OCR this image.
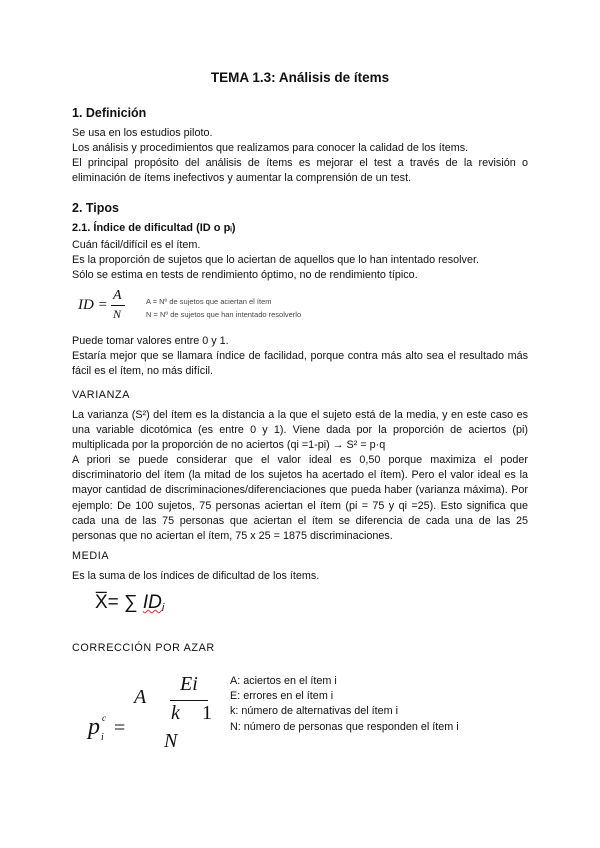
TEMA 1.3: Análisis de ítems
1. Definición

Se usa en los estudios piloto.

Los análisis y procedimientos que realizamos para conocer la calidad de los ítems.

El principal propósito del análisis de ítems es mejorar el test a través de la revisión o eliminación de ítems inefectivos y aumentar la comprensión de un test.

2. Tipos
2.1. Índice de dificultad (ID o pᵢ)

Cuán fácil/difícil es el ítem.

Es la proporción de sujetos que lo aciertan de aquellos que lo han intentado resolver.

Sólo se estima en tests de rendimiento óptimo, no de rendimiento típico.

ID =
A
N
A = Nº de sujetos que aciertan el ítem
N = Nº de sujetos que han intentado resolverlo

Puede tomar valores entre 0 y 1.

Estaría mejor que se llamara índice de facilidad, porque contra más alto sea el resultado más fácil es el ítem, no más difícil.

VARIANZA

La varianza (S²) del ítem es la distancia a la que el sujeto está de la media, y en este caso es una variable dicotómica (es entre 0 y 1). Viene dada por la proporción de aciertos (pi) multiplicada por la proporción de no aciertos (qi =1-pi) → S² = p·q

A priori se puede considerar que el valor ideal es 0,50 porque maximiza el poder discriminatorio del ítem (la mitad de los sujetos ha acertado el ítem). Pero el valor ideal es la mayor cantidad de discriminaciones/diferenciaciones que pueda haber (varianza máxima). Por ejemplo: De 100 sujetos, 75 personas aciertan el ítem (pi = 75 y qi =25). Esto significa que cada una de las 75 personas que aciertan el ítem se diferencia de cada una de las 25 personas que no aciertan el ítem, 75 x 25 = 1875 discriminaciones.

MEDIA

Es la suma de los índices de dificultad de los ítems.

X̅= ∑ IDi
CORRECCIÓN POR AZAR
p c
i =
A
Ei
k 1
N
A: aciertos en el ítem i
E: errores en el ítem i
k: número de alternativas del ítem i
N: número de personas que responden el ítem i
